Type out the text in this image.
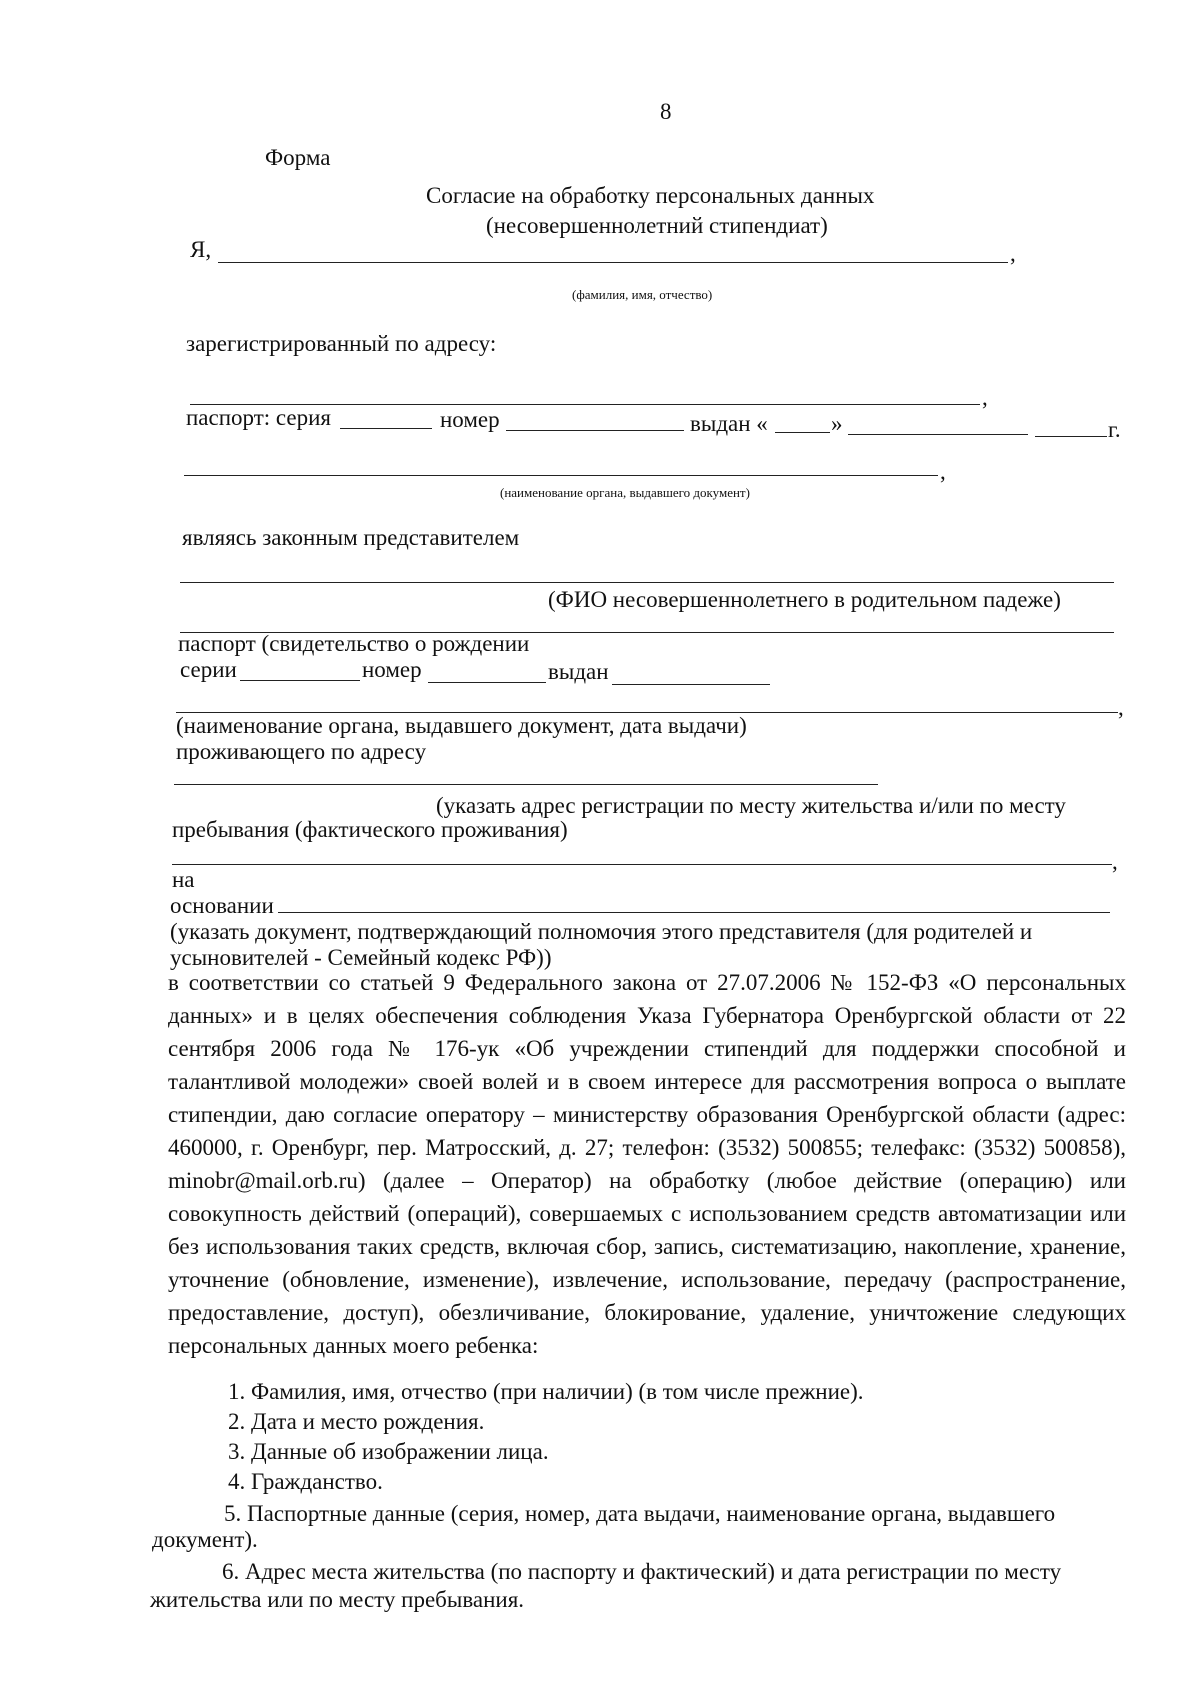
8
Форма
Согласие на обработку персональных данных
(несовершеннолетний стипендиат)
Я,	,
(фамилия, имя, отчество)
зарегистрированный по адресу:
,
паспорт: серия	номер	выдан «	»	г.
,
(наименование органа, выдавшего документ)
являясь законным представителем
(ФИО несовершеннолетнего в родительном падеже)
паспорт (свидетельство о рождении
серии	номер	выдан
,
(наименование органа, выдавшего документ, дата выдачи)
проживающего по адресу
(указать адрес регистрации по месту жительства и/или по месту
пребывания (фактического проживания)
,
на
основании
(указать документ, подтверждающий полномочия этого представителя (для родителей и
усыновителей - Семейный кодекс РФ))
в соответствии со статьей 9 Федерального закона от 27.07.2006 № 152-ФЗ «О персональных данных» и в целях обеспечения соблюдения Указа Губернатора Оренбургской области от 22 сентября 2006 года № 176-ук «Об учреждении стипендий для поддержки способной и талантливой молодежи» своей волей и в своем интересе для рассмотрения вопроса о выплате стипендии, даю согласие оператору – министерству образования Оренбургской области (адрес: 460000, г. Оренбург, пер. Матросский, д. 27; телефон: (3532) 500855; телефакс: (3532) 500858), minobr@mail.orb.ru) (далее – Оператор) на обработку (любое действие (операцию) или совокупность действий (операций), совершаемых с использованием средств автоматизации или без использования таких средств, включая сбор, запись, систематизацию, накопление, хранение, уточнение (обновление, изменение), извлечение, использование, передачу (распространение, предоставление, доступ), обезличивание, блокирование, удаление, уничтожение следующих персональных данных моего ребенка:
1. Фамилия, имя, отчество (при наличии) (в том числе прежние).
2. Дата и место рождения.
3. Данные об изображении лица.
4. Гражданство.
5. Паспортные данные (серия, номер, дата выдачи, наименование органа, выдавшего
документ).
6. Адрес места жительства (по паспорту и фактический) и дата регистрации по месту
жительства или по месту пребывания.
